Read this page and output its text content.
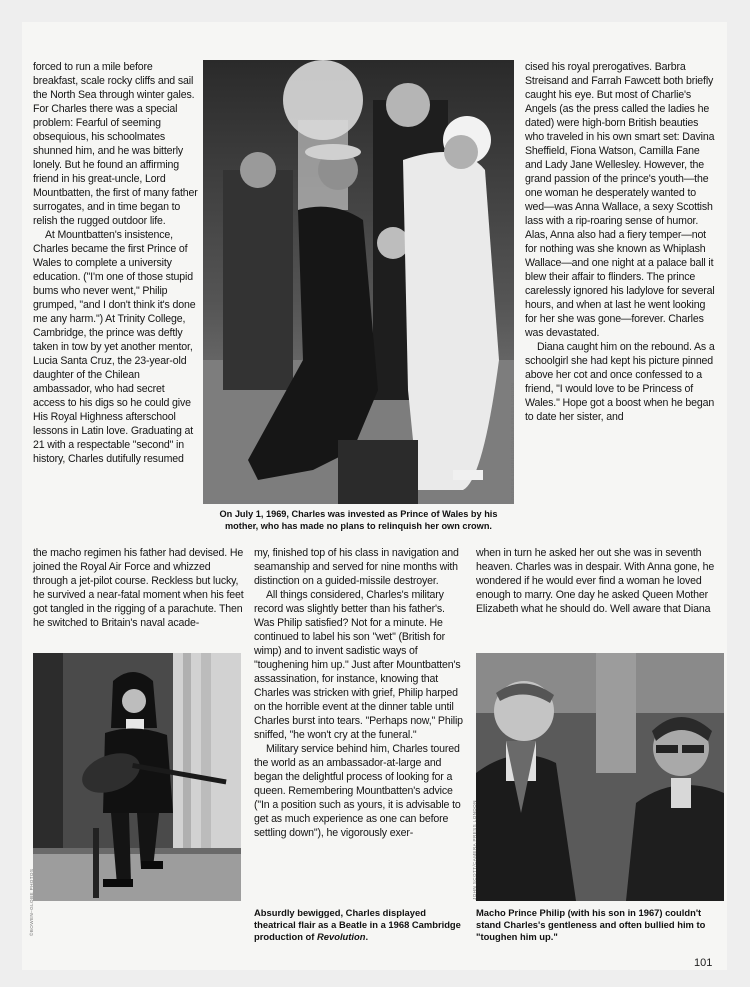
forced to run a mile before breakfast, scale rocky cliffs and sail the North Sea through winter gales. For Charles there was a special problem: Fearful of seeming obsequious, his schoolmates shunned him, and he was bitterly lonely. But he found an affirming friend in his great-uncle, Lord Mountbatten, the first of many father surrogates, and in time began to relish the rugged outdoor life.

At Mountbatten's insistence, Charles became the first Prince of Wales to complete a university education. ("I'm one of those stupid bums who never went," Philip grumped, "and I don't think it's done me any harm.") At Trinity College, Cambridge, the prince was deftly taken in tow by yet another mentor, Lucia Santa Cruz, the 23-year-old daughter of the Chilean ambassador, who had secret access to his digs so he could give His Royal Highness afterschool lessons in Latin love. Graduating at 21 with a respectable "second" in history, Charles dutifully resumed

the macho regimen his father had devised. He joined the Royal Air Force and whizzed through a jet-pilot course. Reckless but lucky, he survived a near-fatal moment when his feet got tangled in the rigging of a parachute. Then he switched to Britain's naval acade-

my, finished top of his class in navigation and seamanship and served for nine months with distinction on a guided-missile destroyer.

All things considered, Charles's military record was slightly better than his father's. Was Philip satisfied? Not for a minute. He continued to label his son "wet" (British for wimp) and to invent sadistic ways of "toughening him up." Just after Mountbatten's assassination, for instance, knowing that Charles was stricken with grief, Philip harped on the horrible event at the dinner table until Charles burst into tears. "Perhaps now," Philip sniffed, "he won't cry at the funeral."

Military service behind him, Charles toured the world as an ambassador-at-large and began the delightful process of looking for a queen. Remembering Mountbatten's advice ("In a position such as yours, it is advisable to get as much experience as one can before settling down"), he vigorously exer-

cised his royal prerogatives. Barbra Streisand and Farrah Fawcett both briefly caught his eye. But most of Charlie's Angels (as the press called the ladies he dated) were high-born British beauties who traveled in his own smart set: Davina Sheffield, Fiona Watson, Camilla Fane and Lady Jane Wellesley. However, the grand passion of the prince's youth—the one woman he desperately wanted to wed—was Anna Wallace, a sexy Scottish lass with a rip-roaring sense of humor. Alas, Anna also had a fiery temper—not for nothing was she known as Whiplash Wallace—and one night at a palace ball it blew their affair to flinders. The prince carelessly ignored his ladylove for several hours, and when at last he went looking for her she was gone—forever. Charles was devastated.

Diana caught him on the rebound. As a schoolgirl she had kept his picture pinned above her cot and once confessed to a friend, "I would love to be Princess of Wales." Hope got a boost when he began to date her sister, and

when in turn he asked her out she was in seventh heaven. Charles was in despair. With Anna gone, he wondered if he would ever find a woman he loved enough to marry. One day he asked Queen Mother Elizabeth what he should do. Well aware that Diana

PATRICK LICHFIELD/CAMERA PRESS LONDON
On July 1, 1969, Charles was invested as Prince of Wales by his mother, who has made no plans to relinquish her own crown.
©BOWEN–GLOBE PHOTOS	Absurdly bewigged, Charles displayed theatrical flair as a Beatle in a 1968 Cambridge production of Revolution.
JOHN SCOTT/CAMERA PRESS LONDON
Macho Prince Philip (with his son in 1967) couldn't stand Charles's gentleness and often bullied him to "toughen him up."
101
